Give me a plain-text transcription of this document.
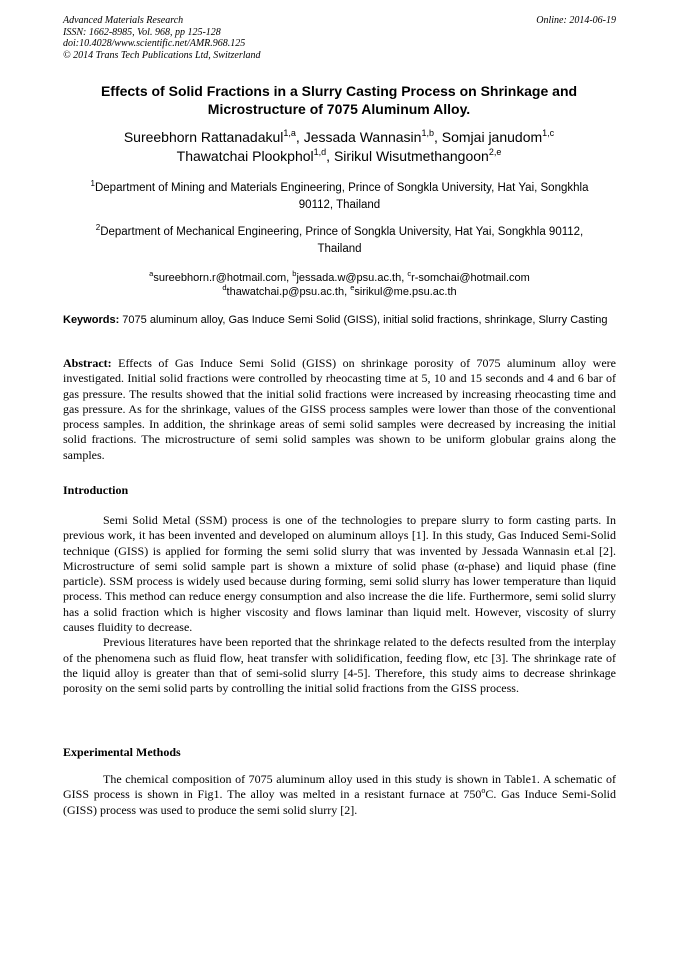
Advanced Materials Research
ISSN: 1662-8985, Vol. 968, pp 125-128
doi:10.4028/www.scientific.net/AMR.968.125
© 2014 Trans Tech Publications Ltd, Switzerland
Online: 2014-06-19
Effects of Solid Fractions in a Slurry Casting Process on Shrinkage and
Microstructure of 7075 Aluminum Alloy.
Sureebhorn Rattanadakul$^{1,a}$, Jessada Wannasin$^{1,b}$, Somjai janudom$^{1,c}$
Thawatchai Plookphol$^{1,d}$, Sirikul Wisutmethangoon$^{2,e}$
$^1$Department of Mining and Materials Engineering, Prince of Songkla University, Hat Yai, Songkhla
90112, Thailand
$^2$Department of Mechanical Engineering, Prince of Songkla University, Hat Yai, Songkhla 90112,
Thailand
$^a$sureebhorn.r@hotmail.com, $^b$jessada.w@psu.ac.th, $^c$r-somchai@hotmail.com
$^d$thawatchai.p@psu.ac.th, $^e$sirikul@me.psu.ac.th
Keywords: 7075 aluminum alloy, Gas Induce Semi Solid (GISS), initial solid fractions, shrinkage, Slurry Casting
Abstract: Effects of Gas Induce Semi Solid (GISS) on shrinkage porosity of 7075 aluminum alloy were investigated. Initial solid fractions were controlled by rheocasting time at 5, 10 and 15 seconds and 4 and 6 bar of gas pressure. The results showed that the initial solid fractions were increased by increasing rheocasting time and gas pressure. As for the shrinkage, values of the GISS process samples were lower than those of the conventional process samples. In addition, the shrinkage areas of semi solid samples were decreased by increasing the initial solid fractions. The microstructure of semi solid samples was shown to be uniform globular grains along the samples.
Introduction

Semi Solid Metal (SSM) process is one of the technologies to prepare slurry to form casting parts. In previous work, it has been invented and developed on aluminum alloys [1]. In this study, Gas Induced Semi-Solid technique (GISS) is applied for forming the semi solid slurry that was invented by Jessada Wannasin et.al [2]. Microstructure of semi solid sample part is shown a mixture of solid phase (α-phase) and liquid phase (fine particle). SSM process is widely used because during forming, semi solid slurry has lower temperature than liquid process. This method can reduce energy consumption and also increase the die life. Furthermore, semi solid slurry has a solid fraction which is higher viscosity and flows laminar than liquid melt. However, viscosity of slurry causes fluidity to decrease.

Previous literatures have been reported that the shrinkage related to the defects resulted from the interplay of the phenomena such as fluid flow, heat transfer with solidification, feeding flow, etc [3]. The shrinkage rate of the liquid alloy is greater than that of semi-solid slurry [4-5]. Therefore, this study aims to decrease shrinkage porosity on the semi solid parts by controlling the initial solid fractions from the GISS process.

Experimental Methods

The chemical composition of 7075 aluminum alloy used in this study is shown in Table1. A schematic of GISS process is shown in Fig1. The alloy was melted in a resistant furnace at 750$^o$C. Gas Induce Semi-Solid (GISS) process was used to produce the semi solid slurry [2].
